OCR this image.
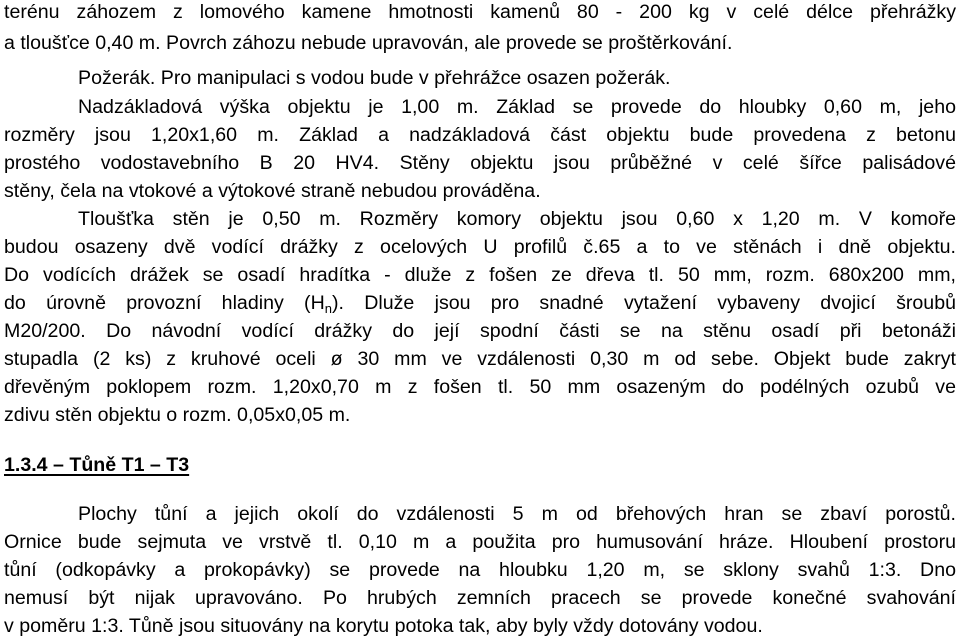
terénu záhozem z lomového kamene hmotnosti kamenů 80 - 200 kg v celé délce přehrážky
a tloušťce 0,40 m. Povrch záhozu nebude upravován, ale provede se proštěrkování.
Požerák. Pro manipulaci s vodou bude v přehrážce osazen požerák.
Nadzákladová výška objektu je 1,00 m. Základ se provede do hloubky 0,60 m, jeho
rozměry jsou 1,20x1,60 m. Základ a nadzákladová část objektu bude provedena z betonu
prostého vodostavebního B 20 HV4. Stěny objektu jsou průběžné v celé šířce palisádové
stěny, čela na vtokové a výtokové straně nebudou prováděna.
Tloušťka stěn je 0,50 m. Rozměry komory objektu jsou 0,60 x 1,20 m. V komoře
budou osazeny dvě vodící drážky z ocelových U profilů č.65 a to ve stěnách i dně objektu.
Do vodících drážek se osadí hradítka - dluže z fošen ze dřeva tl. 50 mm, rozm. 680x200 mm,
do úrovně provozní hladiny $(H_n)$. Dluže jsou pro snadné vytažení vybaveny dvojicí šroubů
M20/200. Do návodní vodící drážky do její spodní části se na stěnu osadí při betonáži
stupadla (2 ks) z kruhové oceli ø 30 mm ve vzdálenosti 0,30 m od sebe. Objekt bude zakryt
dřevěným poklopem rozm. 1,20x0,70 m z fošen tl. 50 mm osazeným do podélných ozubů ve
zdivu stěn objektu o rozm. 0,05x0,05 m.
1.3.4 – Tůně T1 – T3
Plochy tůní a jejich okolí do vzdálenosti 5 m od břehových hran se zbaví porostů.
Ornice bude sejmuta ve vrstvě tl. 0,10 m a použita pro humusování hráze. Hloubení prostoru
tůní (odkopávky a prokopávky) se provede na hloubku 1,20 m, se sklony svahů 1:3. Dno
nemusí být nijak upravováno. Po hrubých zemních pracech se provede konečné svahování
v poměru 1:3. Tůně jsou situovány na korytu potoka tak, aby byly vždy dotovány vodou.
